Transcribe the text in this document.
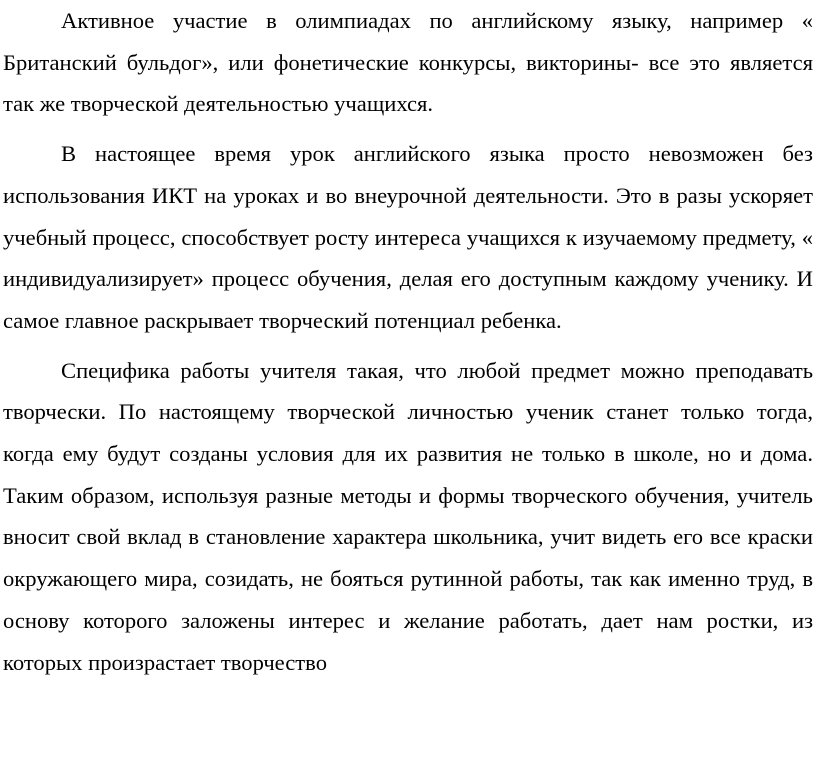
Активное участие в олимпиадах по английскому языку, например « Британский бульдог», или фонетические конкурсы, викторины- все это является так же творческой деятельностью учащихся.

В настоящее время урок английского языка просто невозможен без использования ИКТ на уроках и во внеурочной деятельности. Это в разы ускоряет учебный процесс, способствует росту интереса учащихся к изучаемому предмету, « индивидуализирует» процесс обучения, делая его доступным каждому ученику. И самое главное раскрывает творческий потенциал ребенка.

Специфика работы учителя такая, что любой предмет можно преподавать творчески. По настоящему творческой личностью ученик станет только тогда, когда ему будут созданы условия для их развития не только в школе, но и дома. Таким образом, используя разные методы и формы творческого обучения, учитель вносит свой вклад в становление характера школьника, учит видеть его все краски окружающего мира, созидать, не бояться рутинной работы, так как именно труд, в основу которого заложены интерес и желание работать, дает нам ростки, из которых произрастает творчество
